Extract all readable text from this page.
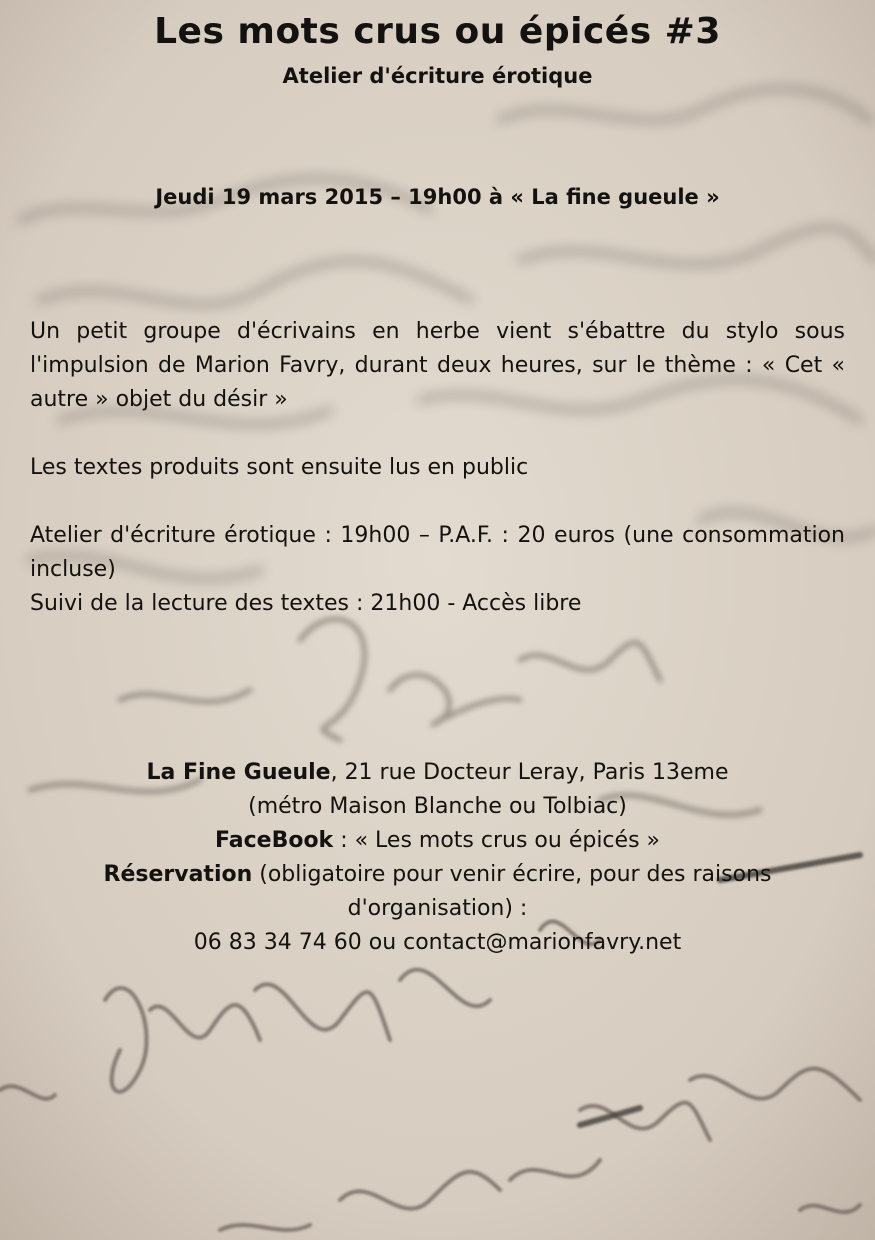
Les mots crus ou épicés #3
Atelier d'écriture érotique
Jeudi 19 mars 2015 – 19h00 à « La fine gueule »

Un petit groupe d'écrivains en herbe vient s'ébattre du stylo sous l'impulsion de Marion Favry, durant deux heures, sur le thème : « Cet « autre » objet du désir »

Les textes produits sont ensuite lus en public

Atelier d'écriture érotique : 19h00 – P.A.F. : 20 euros (une consommation incluse)

Suivi de la lecture des textes : 21h00 - Accès libre

La Fine Gueule, 21 rue Docteur Leray, Paris 13eme
(métro Maison Blanche ou Tolbiac)
FaceBook : « Les mots crus ou épicés »
Réservation (obligatoire pour venir écrire, pour des raisons d'organisation) :
06 83 34 74 60 ou contact@marionfavry.net
